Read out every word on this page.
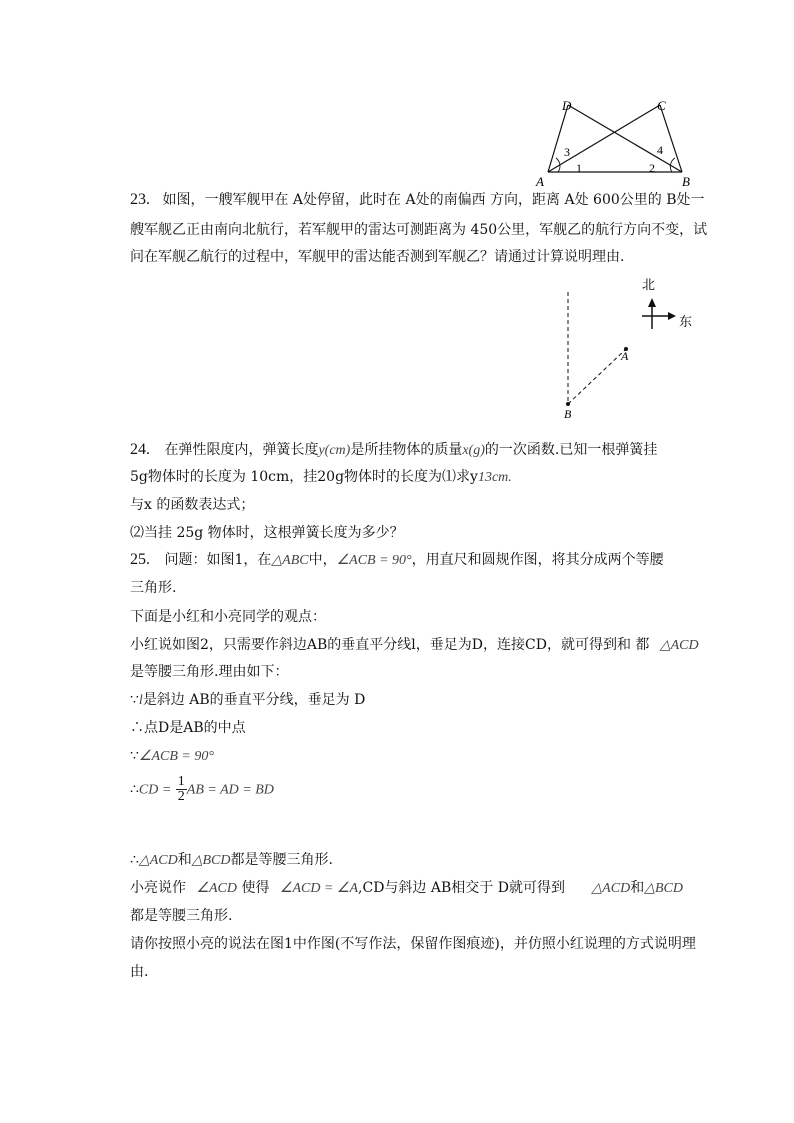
D	C
A	B
3
1	2
4
23. 如图，一艘军舰甲在 A处停留，此时在 A处的南偏西 方向，距离 A处 600公里的 B处一
艘军舰乙正由南向北航行，若军舰甲的雷达可测距离为 450公里，军舰乙的航行方向不变，试
问在军舰乙航行的过程中，军舰甲的雷达能否测到军舰乙？请通过计算说明理由.
A
B
北
东
24. 在弹性限度内，弹簧长度y(cm)是所挂物体的质量x(g)的一次函数.已知一根弹簧挂
5g物体时的长度为 10cm，挂20g物体时的长度为⑴求y13cm.
与x 的函数表达式；
⑵当挂 25g 物体时，这根弹簧长度为多少？
25. 问题：如图1，在△ABC中，∠ACB = 90°，用直尺和圆规作图，将其分成两个等腰
三角形.
下面是小红和小亮同学的观点：
小红说如图2，只需要作斜边AB的垂直平分线l，垂足为D，连接CD，就可得到和 都 △ACD
是等腰三角形.理由如下：
∵l是斜边 AB的垂直平分线，垂足为 D
∴点D是AB的中点
∵∠ACB = 90°
∴CD = $\frac{1}{2}$ AB = AD = BD
∴△ACD和△BCD都是等腰三角形.
小亮说作 ∠ACD 使得 ∠ACD = ∠A,CD与斜边 AB相交于 D就可得到 △ACD和△BCD
都是等腰三角形.
请你按照小亮的说法在图1中作图(不写作法，保留作图痕迹)，并仿照小红说理的方式说明理
由.
